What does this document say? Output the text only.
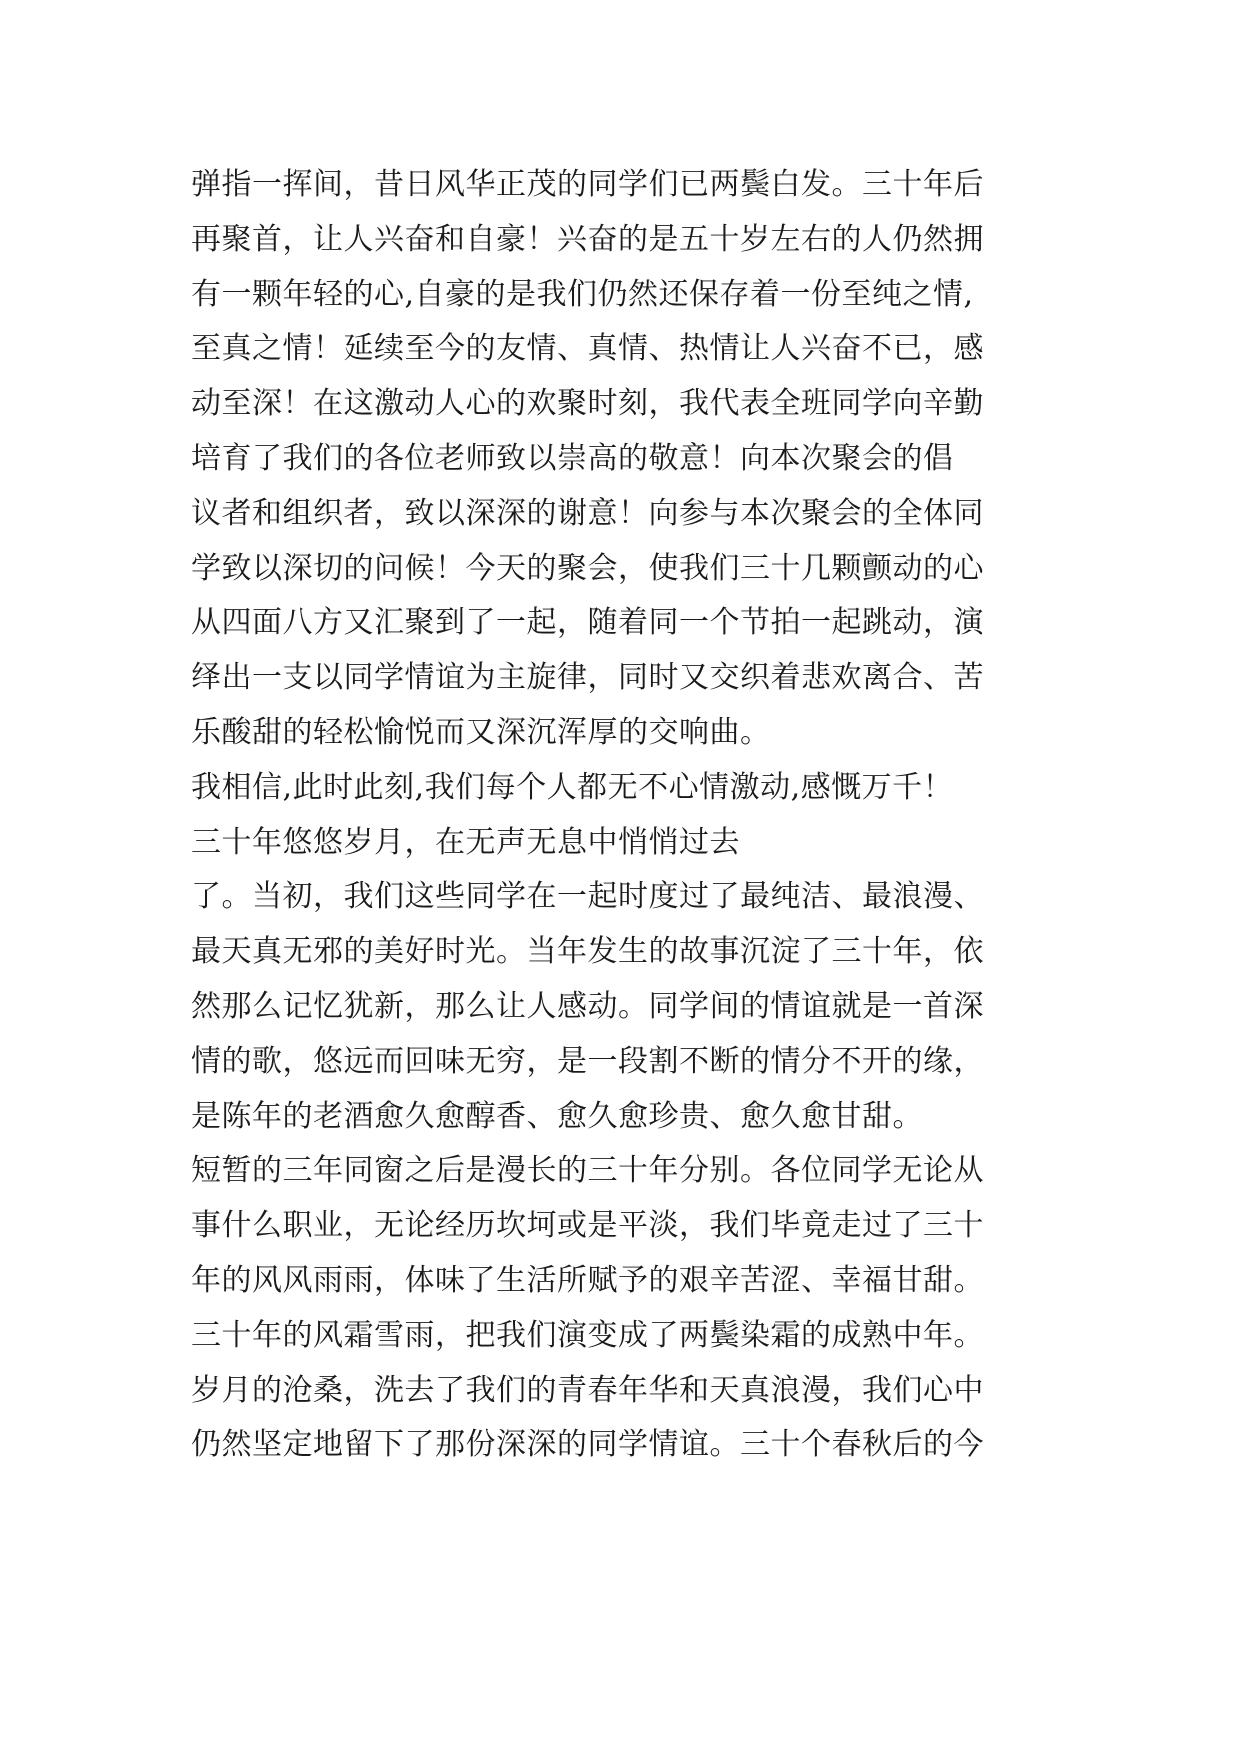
弹指一挥间，昔日风华正茂的同学们已两鬓白发。三十年后
再聚首，让人兴奋和自豪！兴奋的是五十岁左右的人仍然拥
有一颗年轻的心,自豪的是我们仍然还保存着一份至纯之情,
至真之情！延续至今的友情、真情、热情让人兴奋不已，感
动至深！在这激动人心的欢聚时刻，我代表全班同学向辛勤
培育了我们的各位老师致以崇高的敬意！向本次聚会的倡
议者和组织者，致以深深的谢意！向参与本次聚会的全体同
学致以深切的问候！今天的聚会，使我们三十几颗颤动的心
从四面八方又汇聚到了一起，随着同一个节拍一起跳动，演
绎出一支以同学情谊为主旋律，同时又交织着悲欢离合、苦
乐酸甜的轻松愉悦而又深沉浑厚的交响曲。
我相信,此时此刻,我们每个人都无不心情激动,感慨万千！
三十年悠悠岁月，在无声无息中悄悄过去
了。当初，我们这些同学在一起时度过了最纯洁、最浪漫、
最天真无邪的美好时光。当年发生的故事沉淀了三十年，依
然那么记忆犹新，那么让人感动。同学间的情谊就是一首深
情的歌，悠远而回味无穷，是一段割不断的情分不开的缘，
是陈年的老酒愈久愈醇香、愈久愈珍贵、愈久愈甘甜。
短暂的三年同窗之后是漫长的三十年分别。各位同学无论从
事什么职业，无论经历坎坷或是平淡，我们毕竟走过了三十
年的风风雨雨，体味了生活所赋予的艰辛苦涩、幸福甘甜。
三十年的风霜雪雨，把我们演变成了两鬓染霜的成熟中年。
岁月的沧桑，洗去了我们的青春年华和天真浪漫，我们心中
仍然坚定地留下了那份深深的同学情谊。三十个春秋后的今
